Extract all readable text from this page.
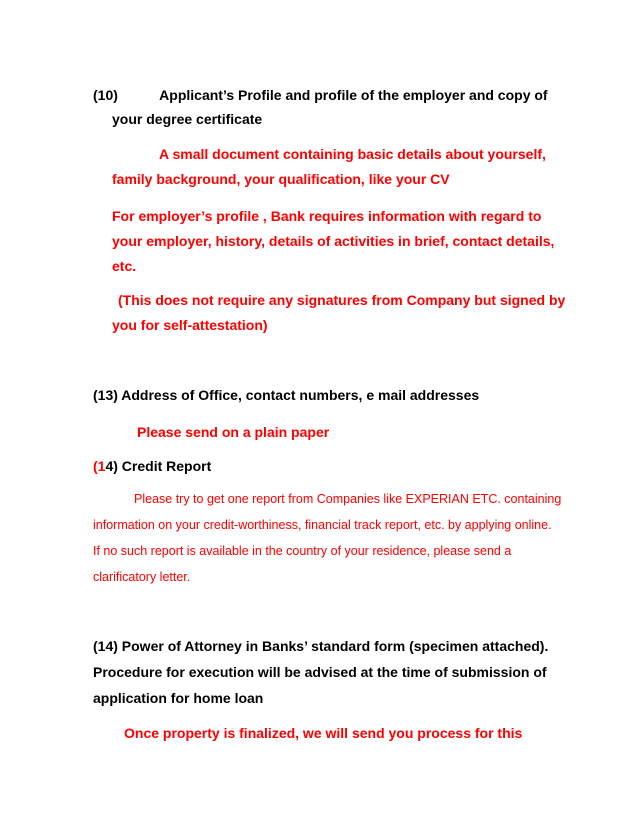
(10)	Applicant’s Profile and profile of the employer and copy of
your degree certificate
A small document containing basic details about yourself,
family background, your qualification, like your CV
For employer’s profile , Bank requires information with regard to
your employer, history, details of activities in brief, contact details,
etc.
(This does not require any signatures from Company but signed by
you for self-attestation)
(13) Address of Office, contact numbers, e mail addresses
Please send on a plain paper
(14) Credit Report
Please try to get one report from Companies like EXPERIAN ETC. containing
information on your credit-worthiness, financial track report, etc. by applying online.
If no such report is available in the country of your residence, please send a
clarificatory letter.
(14) Power of Attorney in Banks’ standard form (specimen attached).
Procedure for execution will be advised at the time of submission of
application for home loan
Once property is finalized, we will send you process for this
